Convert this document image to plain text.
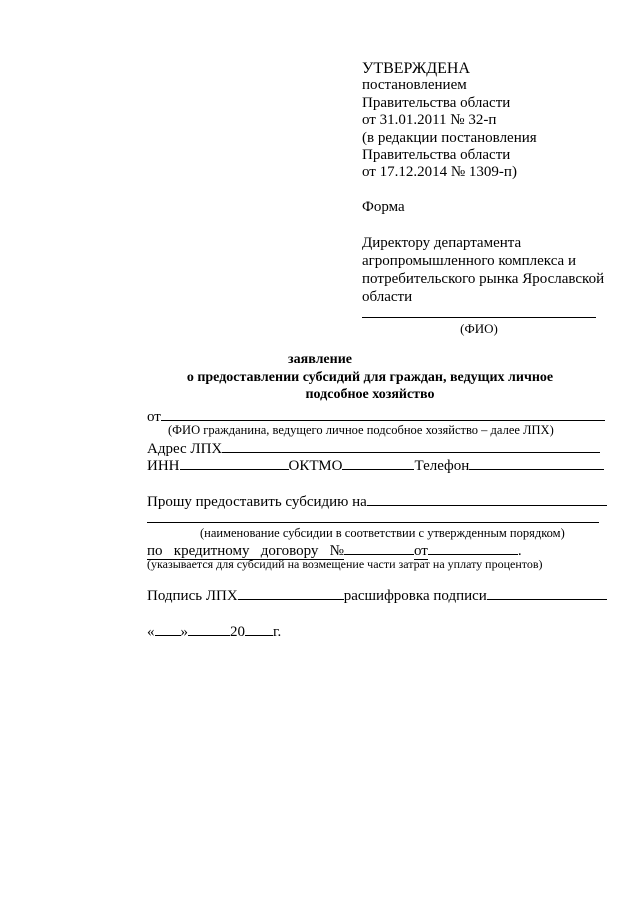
УТВЕРЖДЕНА
постановлением
Правительства области
от 31.01.2011 № 32-п
(в редакции постановления
Правительства области
от 17.12.2014 № 1309-п)
Форма
Директору департамента
агропромышленного комплекса и
потребительского рынка Ярославской
области
(ФИО)
заявление
о предоставлении субсидий для граждан, ведущих личное
подсобное хозяйство
от
(ФИО гражданина, ведущего личное подсобное хозяйство – далее ЛПХ)
Адрес ЛПХ
ИНН	ОКТМО	Телефон
Прошу предоставить субсидию на
(наименование субсидии в соответствии с утвержденным порядком)
по   кредитному   договору   №	от	.
(указывается для субсидий на возмещение части затрат на уплату процентов)
Подпись ЛПХ	расшифровка подписи
« »	20 г.
